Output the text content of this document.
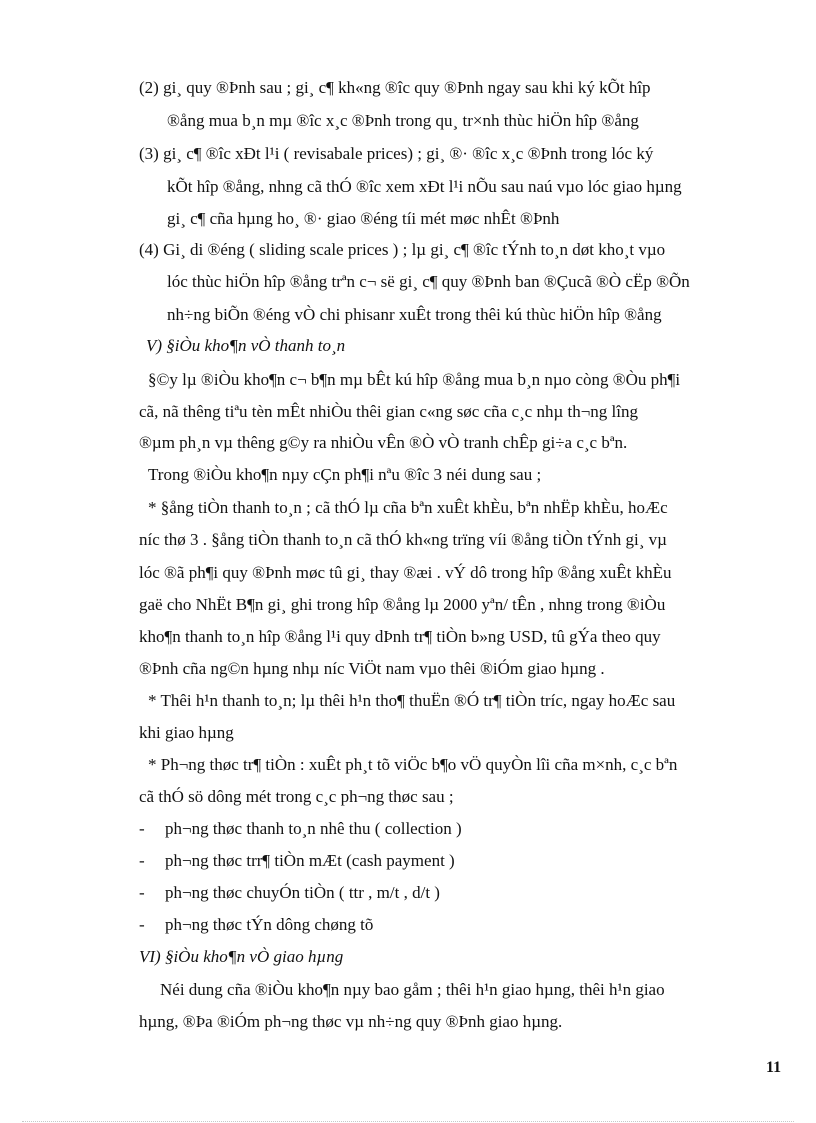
(2) gi¸ quy ®Þnh sau ; gi¸ c¶ kh«ng ®îc quy ®Þnh ngay sau khi ký kÕt hîp
®ång mua b¸n mµ ®îc x¸c ®Þnh trong qu¸ tr×nh thùc hiÖn hîp ®ång
(3) gi¸ c¶ ®îc xÐt l¹i ( revisabale prices) ; gi¸ ®· ®îc x¸c ®Þnh trong lóc ký
kÕt hîp ®ång, nhng cã thÓ ®îc xem xÐt l¹i nÕu sau naú vµo lóc giao hµng
gi¸ c¶ cña hµng ho¸ ®· giao ®éng tíi mét møc nhÊt ®Þnh
(4) Gi¸ di ®éng ( sliding scale prices ) ; lµ gi¸ c¶ ®îc tÝnh to¸n døt kho¸t vµo
lóc thùc hiÖn hîp ®ång trªn c¬ së gi¸ c¶ quy ®Þnh ban ®Çucã ®Ò cËp ®Õn
nh÷ng biÕn ®éng vÒ chi phisanr xuÊt trong thêi kú thùc hiÖn hîp ®ång
V) §iÒu kho¶n vÒ thanh to¸n
§©y lµ ®iÒu kho¶n c¬ b¶n mµ bÊt kú hîp ®ång mua b¸n nµo còng ®Òu ph¶i
cã, nã thêng tiªu tèn mÊt nhiÒu thêi gian c«ng søc cña c¸c nhµ th¬ng lîng
®µm ph¸n vµ thêng g©y ra nhiÒu vÊn ®Ò vÒ tranh chÊp gi÷a c¸c bªn.
Trong ®iÒu kho¶n nµy cÇn ph¶i nªu ®îc 3 néi dung sau ;
* §ång tiÒn thanh to¸n ; cã thÓ lµ cña bªn xuÊt khÈu, bªn nhËp khÈu, hoÆc
níc thø 3 . §ång tiÒn thanh to¸n cã thÓ kh«ng trïng víi ®ång tiÒn tÝnh gi¸ vµ
lóc ®ã ph¶i quy ®Þnh møc tû gi¸ thay ®æi . vÝ dô trong hîp ®ång xuÊt khÈu
gaë cho NhËt B¶n gi¸ ghi trong hîp ®ång lµ 2000 yªn/ tÊn , nhng trong ®iÒu
kho¶n thanh to¸n hîp ®ång l¹i quy dÞnh tr¶ tiÒn b»ng USD, tû gÝa theo quy
®Þnh cña ng©n hµng nhµ níc ViÖt nam vµo thêi ®iÓm giao hµng .
* Thêi h¹n thanh to¸n; lµ thêi h¹n tho¶ thuËn ®Ó tr¶ tiÒn tríc, ngay hoÆc sau
khi giao hµng
* Ph¬ng thøc tr¶ tiÒn : xuÊt ph¸t tõ viÖc b¶o vÖ quyÒn lîi cña m×nh, c¸c bªn
cã thÓ sö dông mét trong c¸c ph¬ng thøc sau ;
- ph¬ng thøc thanh to¸n nhê thu ( collection )
- ph¬ng thøc trr¶ tiÒn mÆt (cash payment )
- ph¬ng thøc chuyÓn tiÒn ( ttr , m/t , d/t )
- ph¬ng thøc tÝn dông chøng tõ
VI) §iÒu kho¶n vÒ giao hµng
Néi dung cña ®iÒu kho¶n nµy bao gåm ; thêi h¹n giao hµng, thêi h¹n giao
hµng, ®Þa ®iÓm ph¬ng thøc vµ nh÷ng quy ®Þnh giao hµng.
11
